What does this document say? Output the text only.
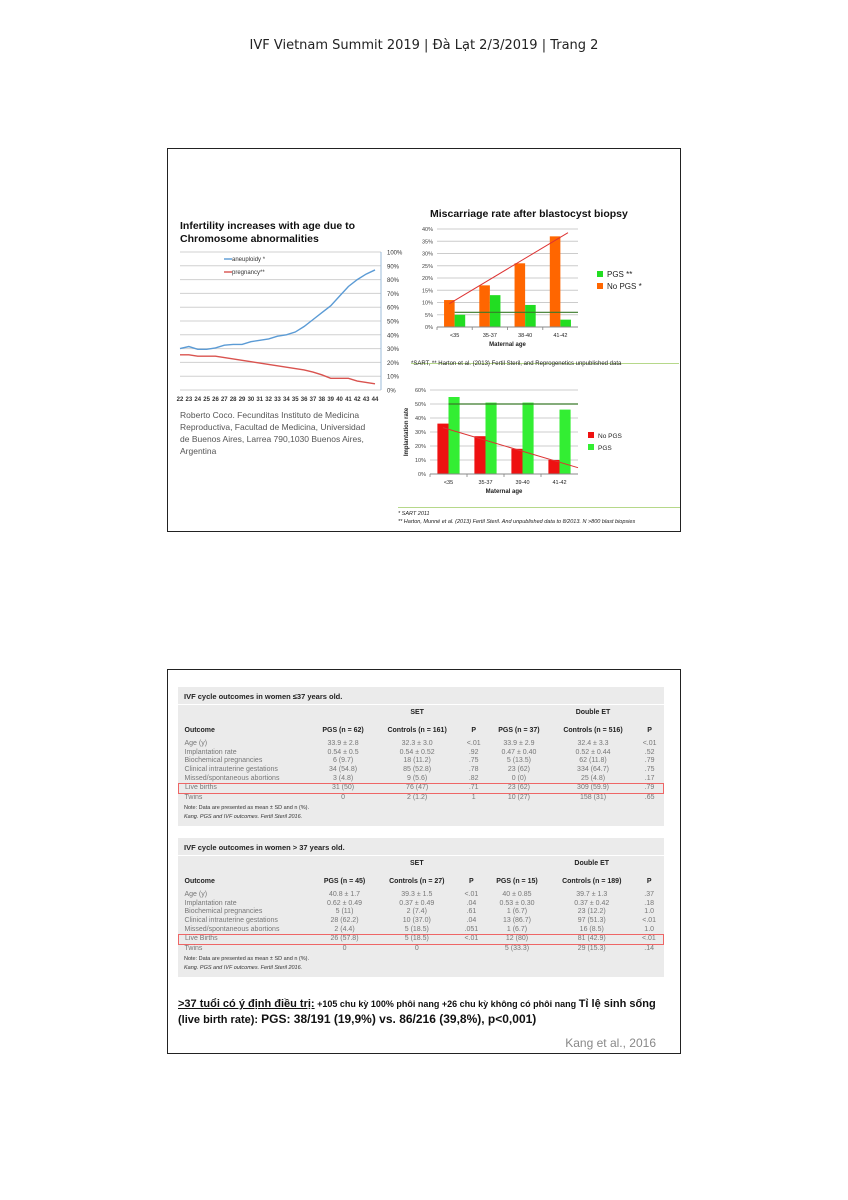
IVF Vietnam Summit 2019 | Đà Lạt 2/3/2019 | Trang 2
Infertility increases with age due to Chromosome abnormalities
Roberto Coco. Fecunditas Instituto de Medicina Reproductiva, Facultad de Medicina, Universidad de Buenos Aires, Larrea 790,1030 Buenos Aires, Argentina
*SART, ** Harton et al. (2013) Fertil Steril, and Reprogenetics unpublished data
* SART 2011
** Harton, Munné et al. (2013) Fertil Steril. And unpublished data to 8/2013. N >800 blast biopsies
0%
10%
20%
30%
40%
50%
60%
70%
80%
90%
100%
22 23 24 25 26 27 28 29 30 31 32 33 34 35 36 37 38 39 40 41 42 43 44
aneuploidy *
pregnancy**
Miscarriage rate after blastocyst biopsy
0%
5%
10%
15%
20%
25%
30%
35%
40%
<35	35-37	38-40	41-42
Maternal age
PGS **
No PGS *
0%
10%
20%
30%
40%
50%
60%
<35	35-37	39-40	41-42
Maternal age
Implantation rate	No PGS
PGS
IVF cycle outcomes in women ≤37 years old.
		SET			Double ET	
Outcome	PGS (n = 62)	Controls (n = 161)	P	PGS (n = 37)	Controls (n = 516)	P
Age (y)	33.9 ± 2.8	32.3 ± 3.0	<.01	33.9 ± 2.9	32.4 ± 3.3	<.01
Implantation rate	0.54 ± 0.5	0.54 ± 0.52	.92	0.47 ± 0.40	0.52 ± 0.44	.52
Biochemical pregnancies	6 (9.7)	18 (11.2)	.75	5 (13.5)	62 (11.8)	.79
Clinical intrauterine gestations	34 (54.8)	85 (52.8)	.78	23 (62)	334 (64.7)	.75
Missed/spontaneous abortions	3 (4.8)	9 (5.6)	.82	0 (0)	25 (4.8)	.17
Live births	31 (50)	76 (47)	.71	23 (62)	309 (59.9)	.79
Twins	0	2 (1.2)	1	10 (27)	158 (31)	.65
Note: Data are presented as mean ± SD and n (%).
Kang. PGS and IVF outcomes. Fertil Steril 2016.
IVF cycle outcomes in women > 37 years old.
		SET			Double ET	
Outcome	PGS (n = 45)	Controls (n = 27)	P	PGS (n = 15)	Controls (n = 189)	P
Age (y)	40.8 ± 1.7	39.3 ± 1.5	<.01	40 ± 0.85	39.7 ± 1.3	.37
Implantation rate	0.62 ± 0.49	0.37 ± 0.49	.04	0.53 ± 0.30	0.37 ± 0.42	.18
Biochemical pregnancies	5 (11)	2 (7.4)	.61	1 (6.7)	23 (12.2)	1.0
Clinical intrauterine gestations	28 (62.2)	10 (37.0)	.04	13 (86.7)	97 (51.3)	<.01
Missed/spontaneous abortions	2 (4.4)	5 (18.5)	.051	1 (6.7)	16 (8.5)	1.0
Live Births	26 (57.8)	5 (18.5)	<.01	12 (80)	81 (42.9)	<.01
Twins	0	0		5 (33.3)	29 (15.3)	.14
Note: Data are presented as mean ± SD and n (%).
Kang. PGS and IVF outcomes. Fertil Steril 2016.
>37 tuổi có ý định điều trị: +105 chu kỳ 100% phôi nang +26 chu kỳ không có phôi nang Tỉ lệ sinh sống (live birth rate): PGS: 38/191 (19,9%) vs. 86/216 (39,8%), p<0,001)
Kang et al., 2016
